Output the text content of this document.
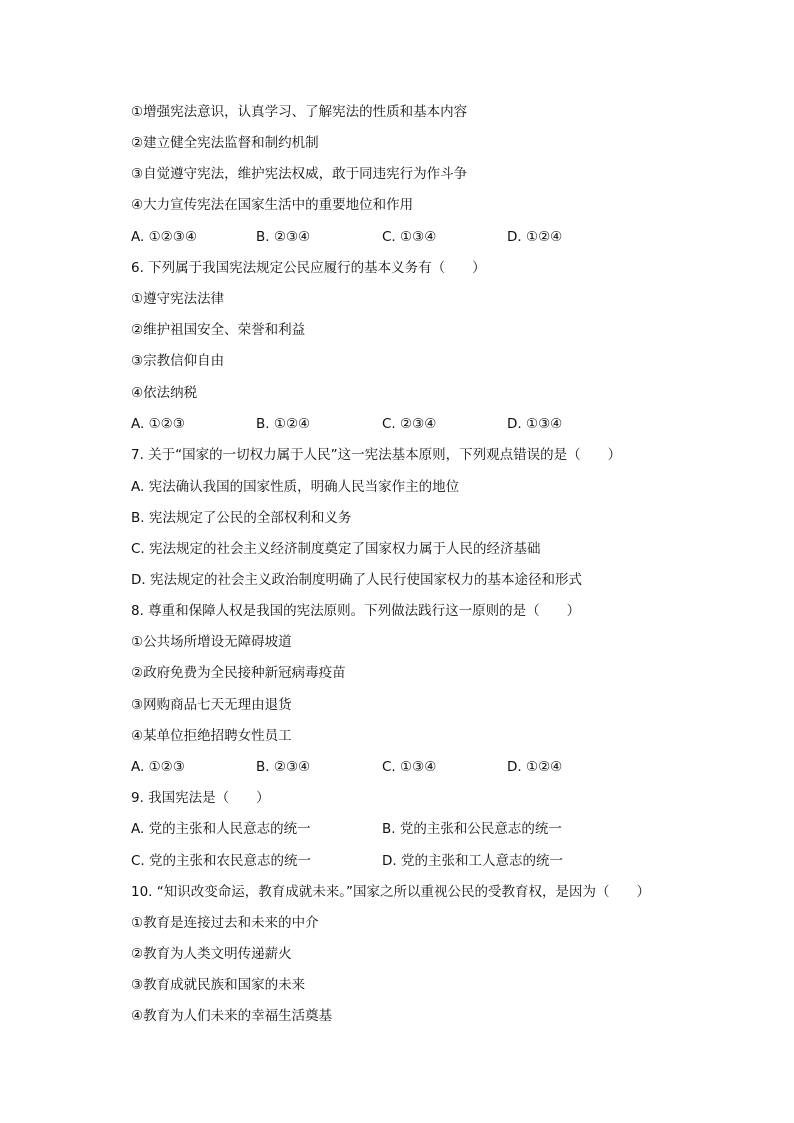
①增强宪法意识，认真学习、了解宪法的性质和基本内容
②建立健全宪法监督和制约机制
③自觉遵守宪法，维护宪法权威，敢于同违宪行为作斗争
④大力宣传宪法在国家生活中的重要地位和作用
A. ①②③④	B. ②③④	C. ①③④	D. ①②④
6. 下列属于我国宪法规定公民应履行的基本义务有（　　）
①遵守宪法法律
②维护祖国安全、荣誉和利益
③宗教信仰自由
④依法纳税
A. ①②③	B. ①②④	C. ②③④	D. ①③④
7. 关于“国家的一切权力属于人民”这一宪法基本原则，下列观点错误的是（　　）
A. 宪法确认我国的国家性质，明确人民当家作主的地位
B. 宪法规定了公民的全部权利和义务
C. 宪法规定的社会主义经济制度奠定了国家权力属于人民的经济基础
D. 宪法规定的社会主义政治制度明确了人民行使国家权力的基本途径和形式
8. 尊重和保障人权是我国的宪法原则。下列做法践行这一原则的是（　　）
①公共场所增设无障碍坡道
②政府免费为全民接种新冠病毒疫苗
③网购商品七天无理由退货
④某单位拒绝招聘女性员工
A. ①②③	B. ②③④	C. ①③④	D. ①②④
9. 我国宪法是（　　）
A. 党的主张和人民意志的统一	B. 党的主张和公民意志的统一
C. 党的主张和农民意志的统一	D. 党的主张和工人意志的统一
10. “知识改变命运，教育成就未来。”国家之所以重视公民的受教育权，是因为（　　）
①教育是连接过去和未来的中介
②教育为人类文明传递薪火
③教育成就民族和国家的未来
④教育为人们未来的幸福生活奠基
